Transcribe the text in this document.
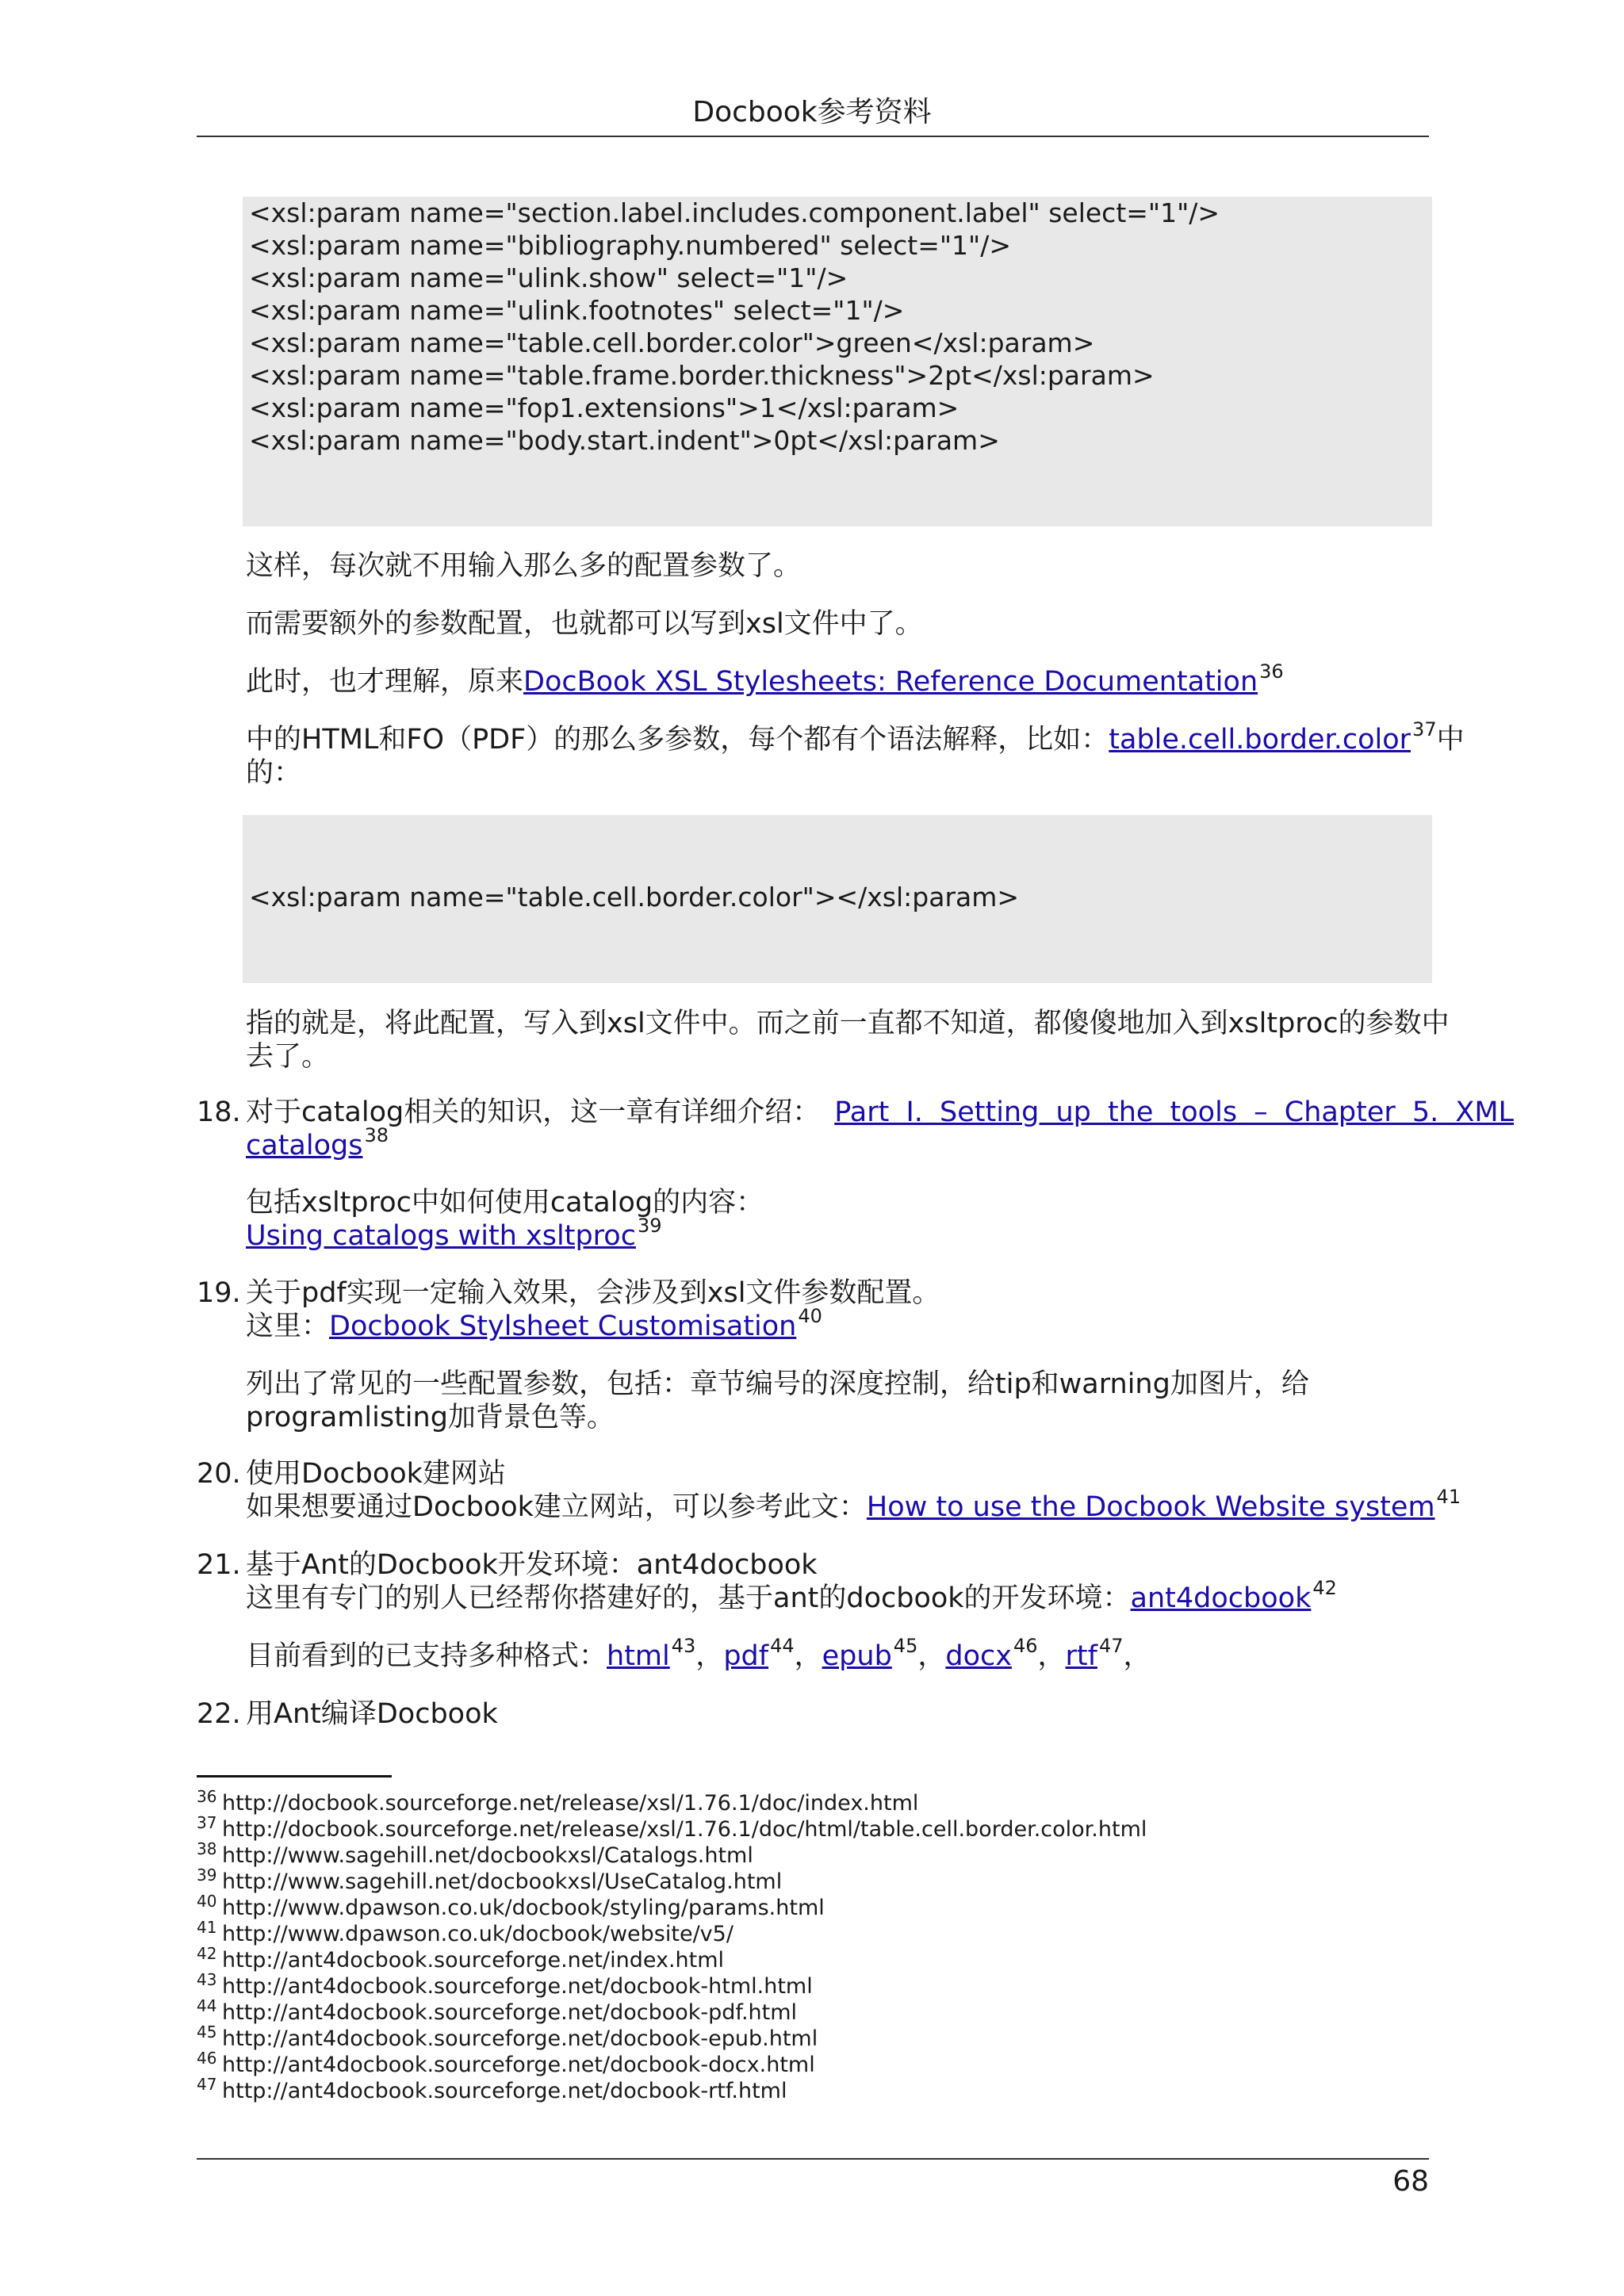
Docbook参考资料
<xsl:param name="section.label.includes.component.label" select="1"/>
<xsl:param name="bibliography.numbered" select="1"/>
<xsl:param name="ulink.show" select="1"/>
<xsl:param name="ulink.footnotes" select="1"/>
<xsl:param name="table.cell.border.color">green</xsl:param>
<xsl:param name="table.frame.border.thickness">2pt</xsl:param>
<xsl:param name="fop1.extensions">1</xsl:param>
<xsl:param name="body.start.indent">0pt</xsl:param>
这样，每次就不用输入那么多的配置参数了。
而需要额外的参数配置，也就都可以写到xsl文件中了。
此时，也才理解，原来DocBook XSL Stylesheets: Reference Documentation$^{36}$
中的HTML和FO（PDF）的那么多参数，每个都有个语法解释，比如：table.cell.border.color$^{37}$中
的：
<xsl:param name="table.cell.border.color"></xsl:param>
指的就是，将此配置，写入到xsl文件中。而之前一直都不知道，都傻傻地加入到xsltproc的参数中
去了。
18. 对于catalog相关的知识，这一章有详细介绍： Part I. Setting up the tools – Chapter 5. XML
catalogs$^{38}$
包括xsltproc中如何使用catalog的内容：
Using catalogs with xsltproc$^{39}$
19. 关于pdf实现一定输入效果，会涉及到xsl文件参数配置。
这里：Docbook Stylsheet Customisation$^{40}$
列出了常见的一些配置参数，包括：章节编号的深度控制，给tip和warning加图片，给
programlisting加背景色等。
20. 使用Docbook建网站
如果想要通过Docbook建立网站，可以参考此文：How to use the Docbook Website system$^{41}$
21. 基于Ant的Docbook开发环境：ant4docbook
这里有专门的别人已经帮你搭建好的，基于ant的docbook的开发环境：ant4docbook$^{42}$
目前看到的已支持多种格式：html$^{43}$，pdf$^{44}$，epub$^{45}$，docx$^{46}$，rtf$^{47}$，
22. 用Ant编译Docbook
36 http://docbook.sourceforge.net/release/xsl/1.76.1/doc/index.html
37 http://docbook.sourceforge.net/release/xsl/1.76.1/doc/html/table.cell.border.color.html
38 http://www.sagehill.net/docbookxsl/Catalogs.html
39 http://www.sagehill.net/docbookxsl/UseCatalog.html
40 http://www.dpawson.co.uk/docbook/styling/params.html
41 http://www.dpawson.co.uk/docbook/website/v5/
42 http://ant4docbook.sourceforge.net/index.html
43 http://ant4docbook.sourceforge.net/docbook-html.html
44 http://ant4docbook.sourceforge.net/docbook-pdf.html
45 http://ant4docbook.sourceforge.net/docbook-epub.html
46 http://ant4docbook.sourceforge.net/docbook-docx.html
47 http://ant4docbook.sourceforge.net/docbook-rtf.html
68
